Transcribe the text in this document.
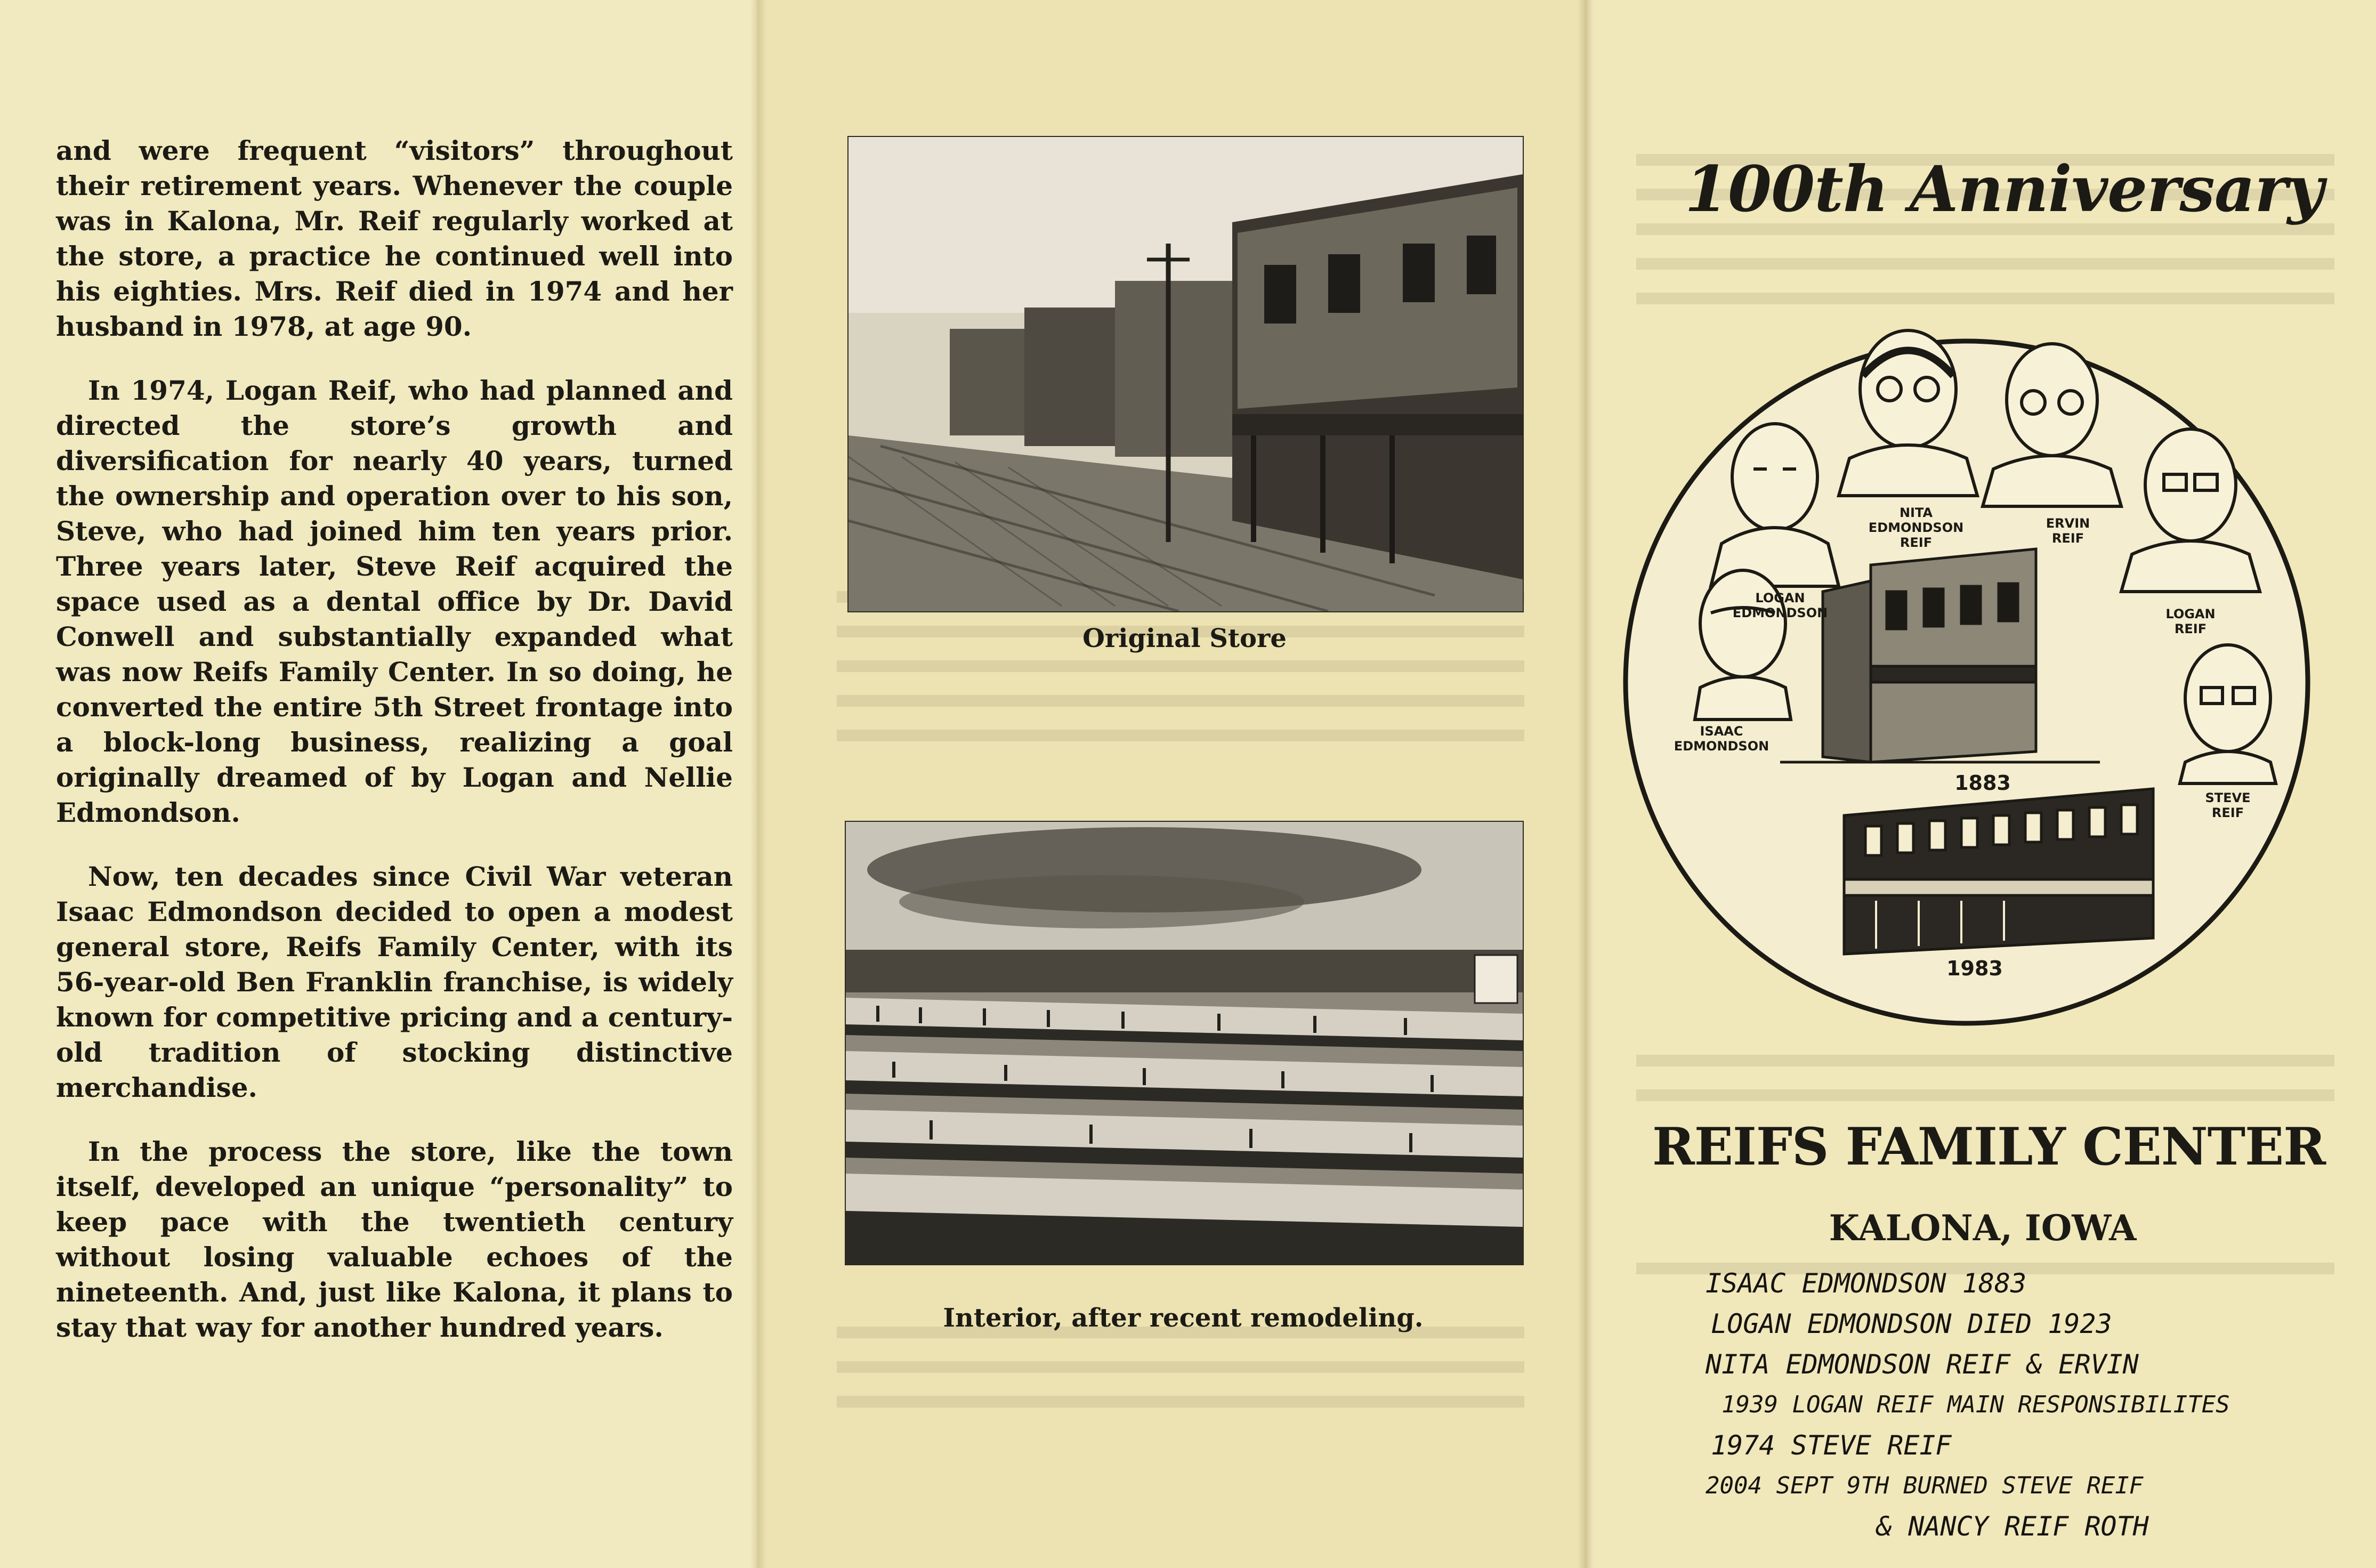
and were frequent “visitors” throughout their retirement years. Whenever the couple was in Kalona, Mr. Reif regularly worked at the store, a practice he continued well into his eighties. Mrs. Reif died in 1974 and her husband in 1978, at age 90.

In 1974, Logan Reif, who had planned and directed the store’s growth and diversification for nearly 40 years, turned the ownership and operation over to his son, Steve, who had joined him ten years prior. Three years later, Steve Reif acquired the space used as a dental office by Dr. David Conwell and substantially expanded what was now Reifs Family Center. In so doing, he converted the entire 5th Street frontage into a block-long business, realizing a goal originally dreamed of by Logan and Nellie Edmondson.

Now, ten decades since Civil War veteran Isaac Edmondson decided to open a modest general store, Reifs Family Center, with its 56-year-old Ben Franklin franchise, is widely known for competitive pricing and a century-old tradition of stocking distinctive merchandise.

In the process the store, like the town itself, developed an unique “personality” to keep pace with the twentieth century without losing valuable echoes of the nineteenth. And, just like Kalona, it plans to stay that way for another hundred years.

Original Store
Interior, after recent remodeling.
100th Anniversary
NITA EDMONDSON REIF
ERVIN REIF
LOGAN EDMONDSON	LOGAN REIF
ISAAC EDMONDSON
STEVE REIF
1883
1983
REIFS FAMILY CENTER
KALONA, IOWA
ISAAC EDMONDSON 1883
LOGAN EDMONDSON DIED 1923
NITA EDMONDSON REIF & ERVIN
1939 LOGAN REIF MAIN RESPONSIBILITES
1974 STEVE REIF
2004 SEPT 9TH BURNED STEVE REIF
& NANCY REIF ROTH
